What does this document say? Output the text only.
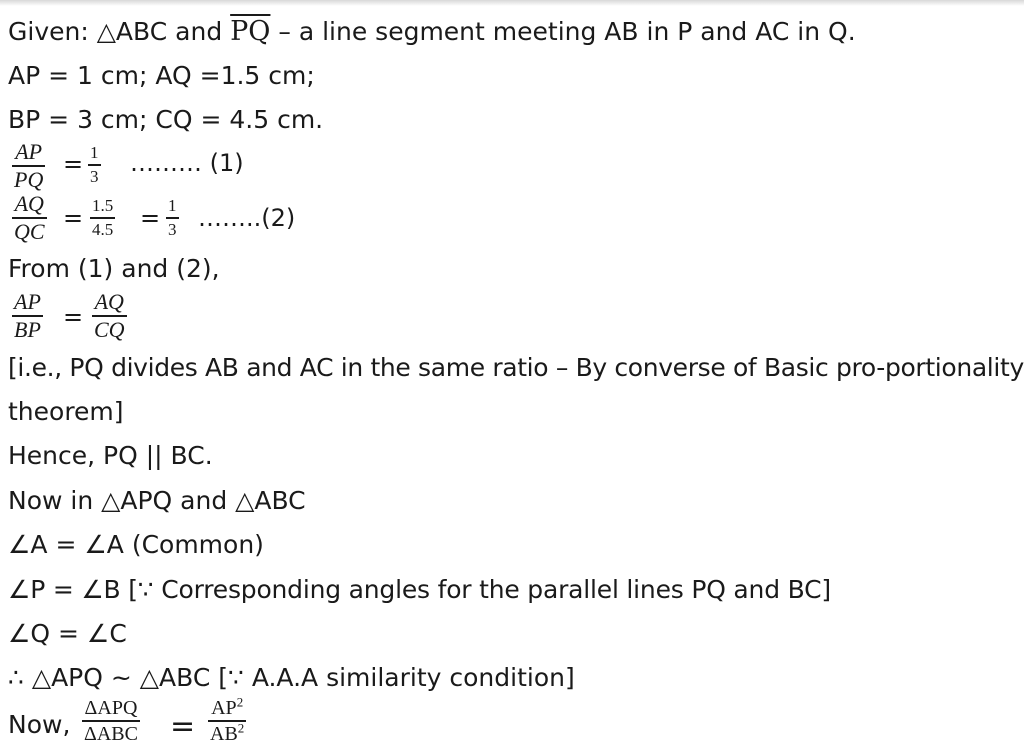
Given: △ABC and $\overline{PQ}$ – a line segment meeting AB in P and AC in Q.
AP = 1 cm; AQ =1.5 cm;
BP = 3 cm; CQ = 4.5 cm.
AP
PQ
= 1
3 ……… (1)
AQ
QC = 1.5
4.5 = 1
3 ……..(2)
From (1) and (2),
AP
BP =
AQ
CQ
[i.e., PQ divides AB and AC in the same ratio – By converse of Basic pro-portionality
theorem]
Hence, PQ || BC.
Now in △APQ and △ABC
∠A = ∠A (Common)
∠P = ∠B [∵ Corresponding angles for the parallel lines PQ and BC]
∠Q = ∠C
∴ △APQ ~ △ABC [∵ A.A.A similarity condition]
Now,
ΔAPQ
ΔABC =
$AP^2$
$AB^2$
